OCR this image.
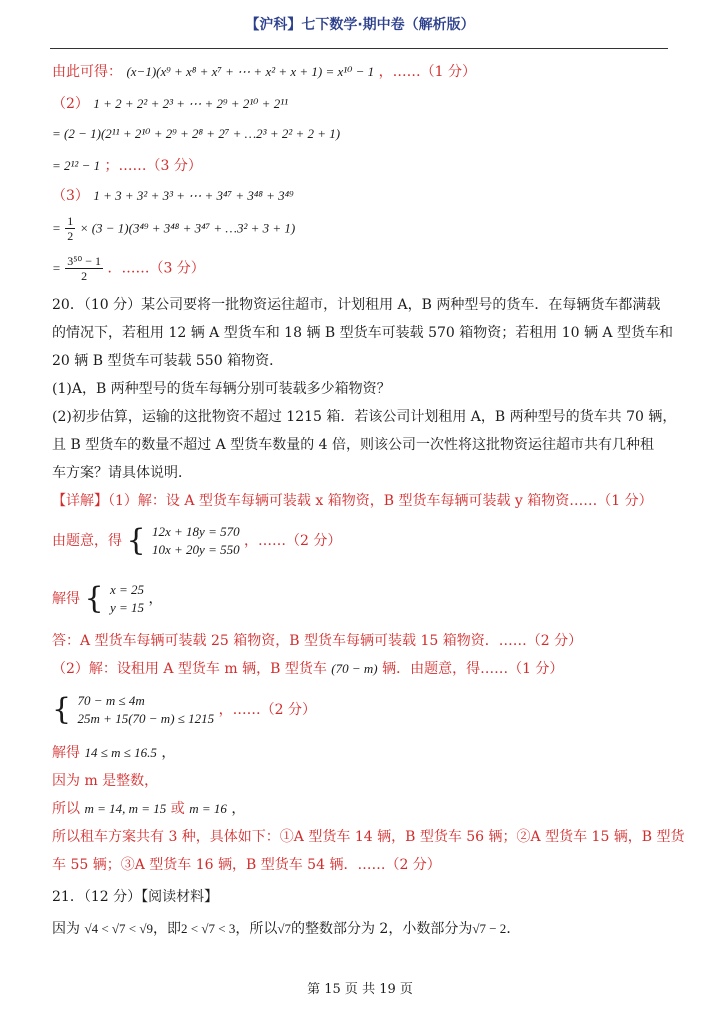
【沪科】七下数学·期中卷（解析版）
由此可得： (x−1)(x⁹ + x⁸ + x⁷ + ⋯ + x² + x + 1) = x¹⁰ − 1 ，……（1 分）
（2） 1 + 2 + 2² + 2³ + ⋯ + 2⁹ + 2¹⁰ + 2¹¹
= (2 − 1)(2¹¹ + 2¹⁰ + 2⁹ + 2⁸ + 2⁷ + …2³ + 2² + 2 + 1)
= 2¹² − 1 ；……（3 分）
（3） 1 + 3 + 3² + 3³ + ⋯ + 3⁴⁷ + 3⁴⁸ + 3⁴⁹
= $\frac{1}{2} \times (3 - 1)(3^{49} + 3^{48} + 3^{47}$ + …3² + 3 + 1)
= $\frac{\text{3⁵⁰ − 1}}{2}$ ．……（3 分）
20．（10 分）某公司要将一批物资运往超市，计划租用 A，B 两种型号的货车．在每辆货车都满载
的情况下，若租用 12 辆 A 型货车和 18 辆 B 型货车可装载 570 箱物资；若租用 10 辆 A 型货车和
20 辆 B 型货车可装载 550 箱物资．
(1)A，B 两种型号的货车每辆分别可装载多少箱物资？
(2)初步估算，运输的这批物资不超过 1215 箱．若该公司计划租用 A，B 两种型号的货车共 70 辆，
且 B 型货车的数量不超过 A 型货车数量的 4 倍，则该公司一次性将这批物资运往超市共有几种租
车方案？请具体说明．
【详解】（1）解：设 A 型货车每辆可装载 x 箱物资，B 型货车每辆可装载 y 箱物资……（1 分）
由题意，得 { 12x + 18y = 570
10x + 20y = 550
，……（2 分）
解得 { x = 25
y = 15
，
答：A 型货车每辆可装载 25 箱物资，B 型货车每辆可装载 15 箱物资．……（2 分）
（2）解：设租用 A 型货车 m 辆，B 型货车 (70 − m) 辆．由题意，得……（1 分）
{ 70 − m ≤ 4m
25m + 15(70 − m) ≤ 1215
，……（2 分）
解得 14 ≤ m ≤ 16.5 ，
因为 m 是整数，
所以 m = 14, m = 15 或 m = 16 ，
所以租车方案共有 3 种，具体如下：①A 型货车 14 辆，B 型货车 56 辆；②A 型货车 15 辆，B 型货
车 55 辆；③A 型货车 16 辆，B 型货车 54 辆．……（2 分）
21．（12 分）【阅读材料】
因为 √4 < √7 < √9，即2 < √7 < 3，所以√7的整数部分为 2，小数部分为√7 − 2．
第 15 页 共 19 页
